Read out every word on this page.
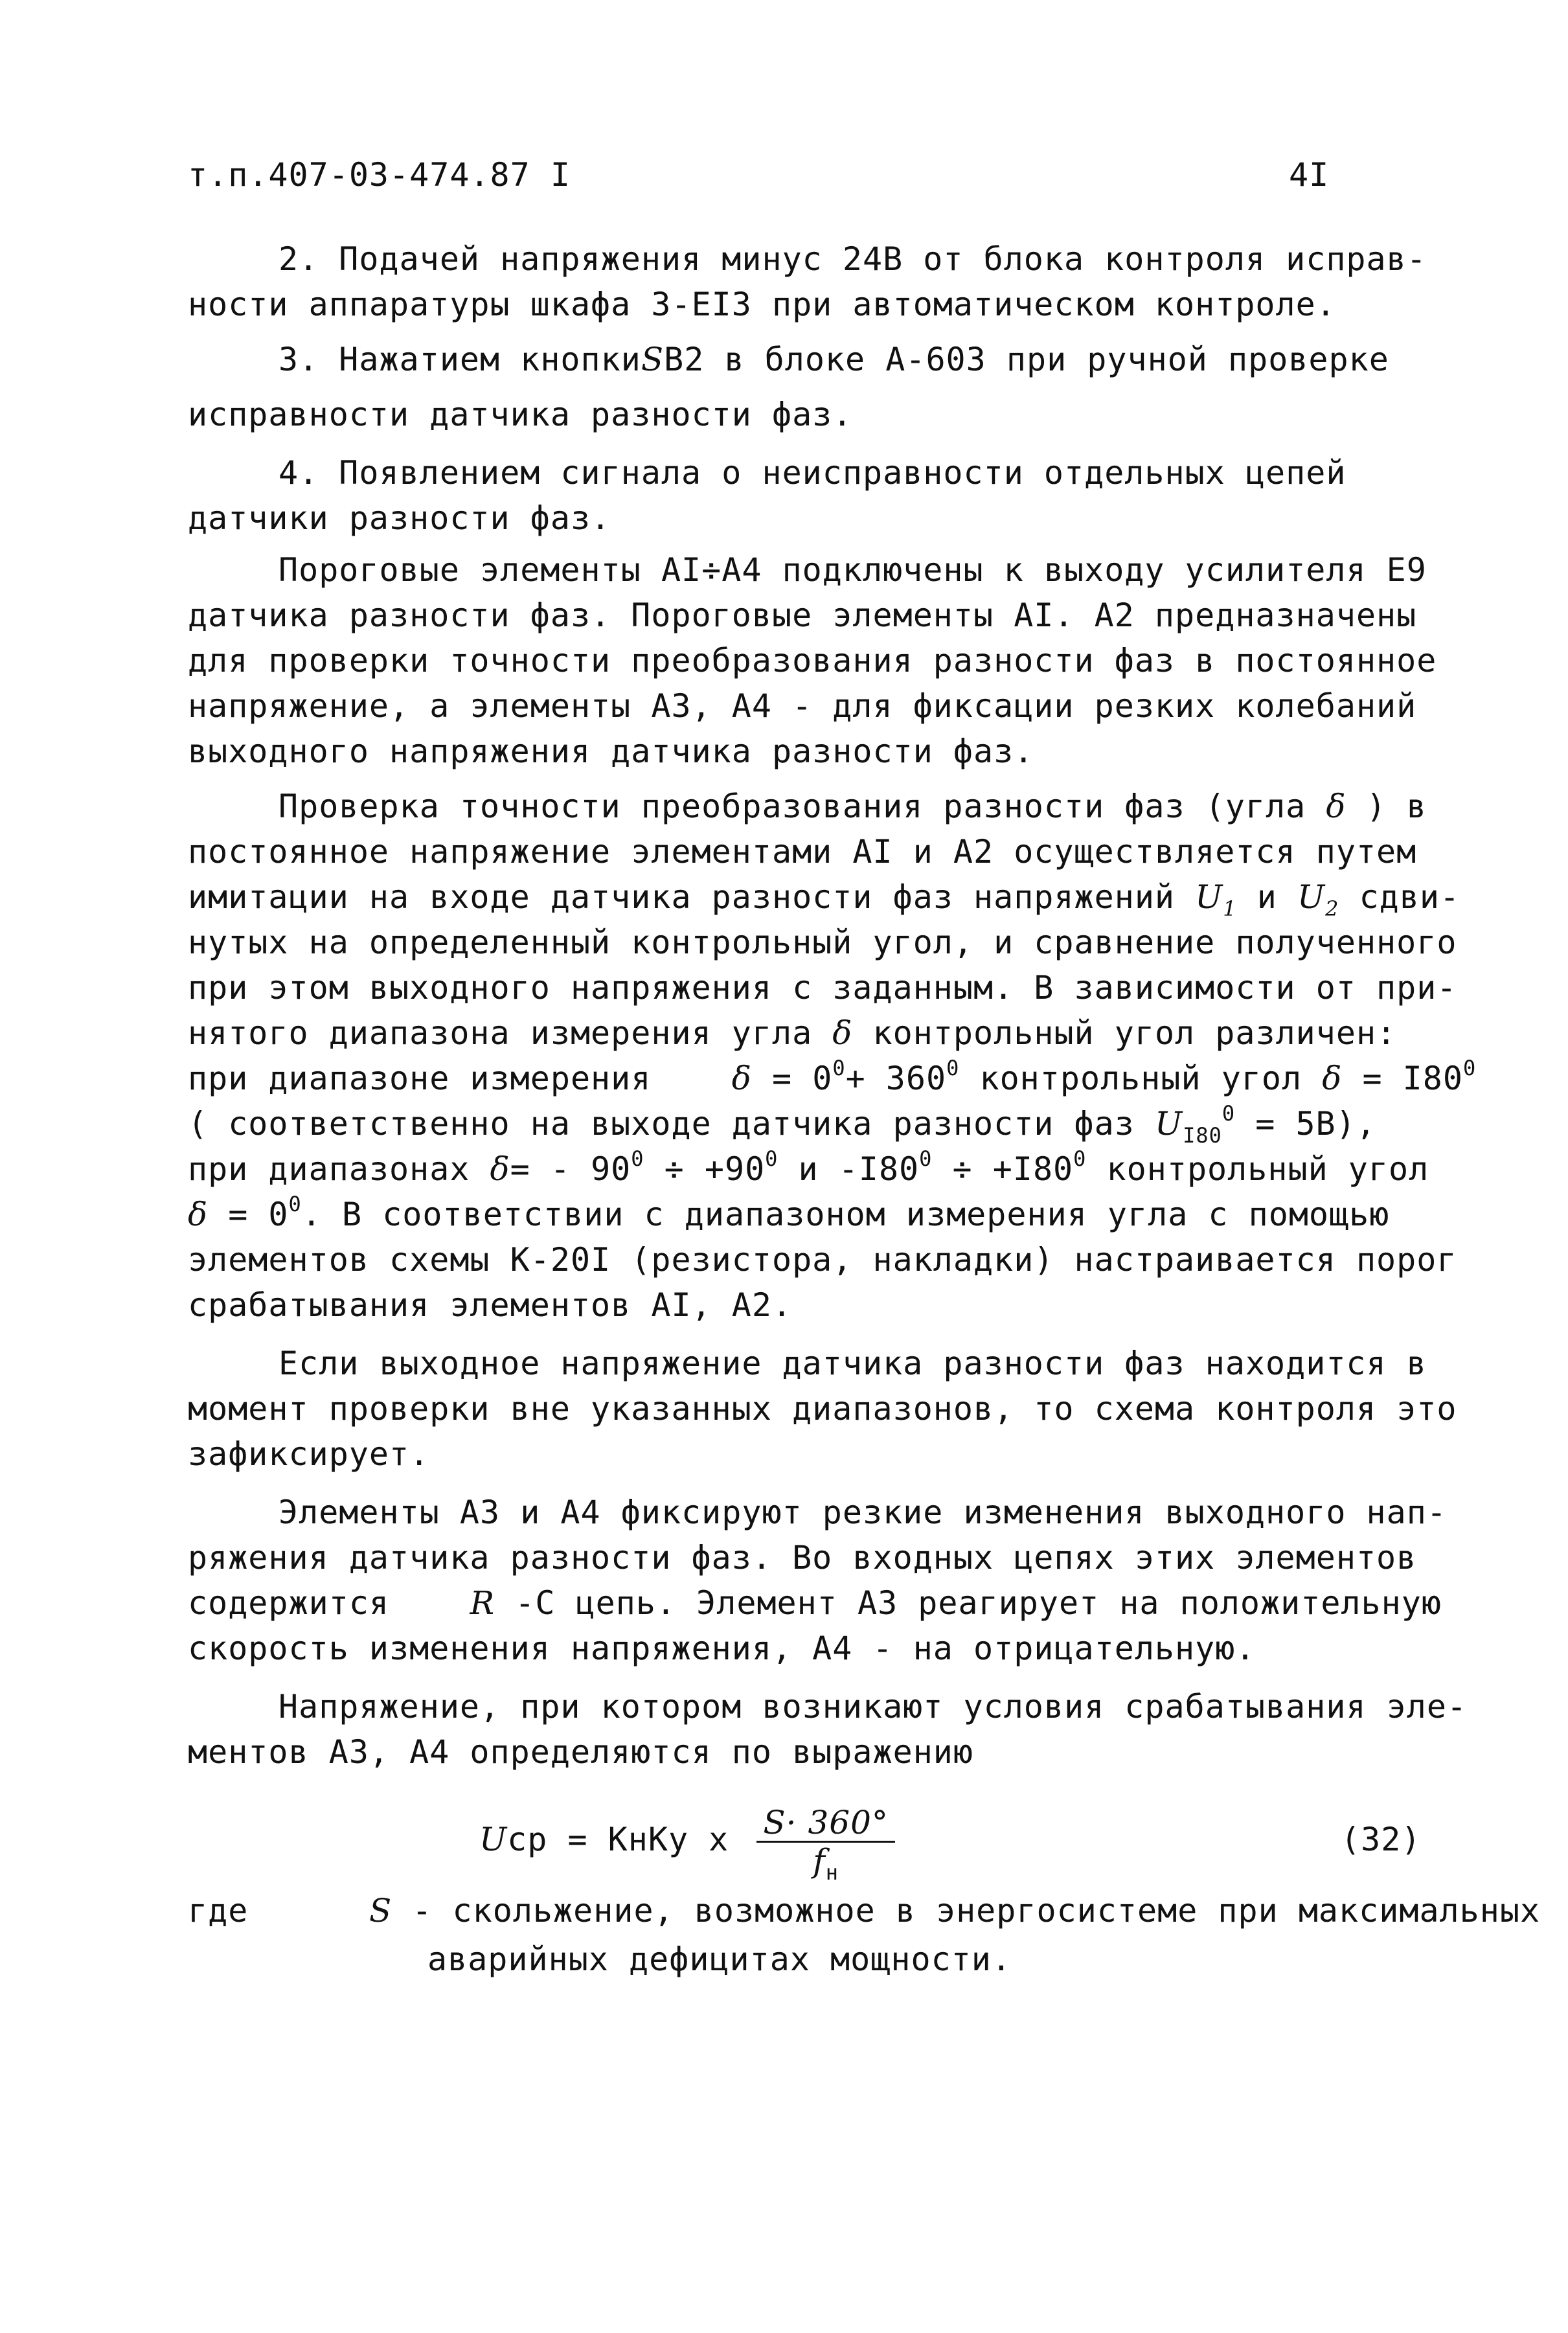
т.п.407-03-474.87 I	4I
2. Подачей напряжения минус 24В от блока контроля исправ-
ности аппаратуры шкафа 3-ЕI3 при автоматическом контроле.
3. Нажатием кнопкиSВ2 в блоке А-603 при ручной проверке
исправности датчика разности фаз.
4. Появлением сигнала о неисправности отдельных цепей
датчики разности фаз.
Пороговые элементы АI÷А4 подключены к выходу усилителя Е9
датчика разности фаз. Пороговые элементы АI. А2 предназначены
для проверки точности преобразования разности фаз в постоянное
напряжение, а элементы А3, А4 - для фиксации резких колебаний
выходного напряжения датчика разности фаз.
Проверка точности преобразования разности фаз (угла δ ) в
постоянное напряжение элементами АI и А2 осуществляется путем
имитации на входе датчика разности фаз напряжений $U_1$ и $U_2$ сдви-
нутых на определенный контрольный угол, и сравнение полученного
при этом выходного напряжения с заданным. В зависимости от при-
нятого диапазона измерения угла δ контрольный угол различен:
при диапазоне измерения $\delta = 0^0+ 360^0$ контрольный угол $\delta = I80^0$
( соответственно на выходе датчика разности фаз $U_{I80}^0 = 5В$),
при диапазонах $\delta= - 90^0 \div +90^0$ и $-I80^0 \div +I80^0$ контрольный угол
$\delta = 0^0$. В соответствии с диапазоном измерения угла с помощью
элементов схемы К-20I (резистора, накладки) настраивается порог
срабатывания элементов АI, А2.
Если выходное напряжение датчика разности фаз находится в
момент проверки вне указанных диапазонов, то схема контроля это
зафиксирует.
Элементы А3 и А4 фиксируют резкие изменения выходного нап-
ряжения датчика разности фаз. Во входных цепях этих элементов
содержится R -С цепь. Элемент А3 реагирует на положительную
скорость изменения напряжения, А4 - на отрицательную.
Напряжение, при котором возникают условия срабатывания эле-
ментов А3, А4 определяются по выражению
Uср = КнКу х $\frac{S\cdot 360^\circ}{f_н}$	(32)
где	S - скольжение, возможное в энергосистеме при максимальных
аварийных дефицитах мощности.
